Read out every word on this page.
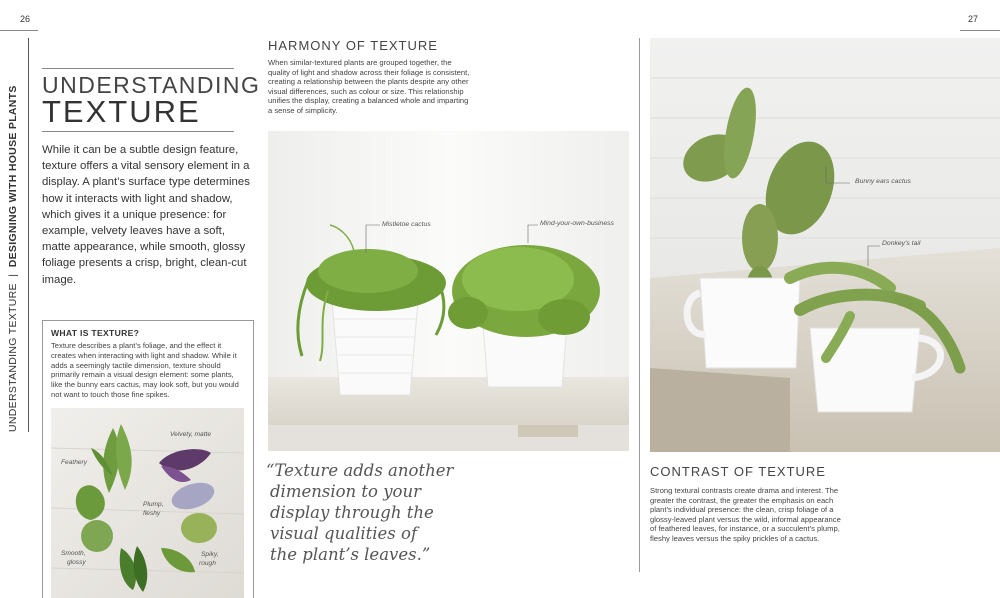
26	27
UNDERSTANDING TEXTURE  |  DESIGNING WITH HOUSE PLANTS
UNDERSTANDING
TEXTURE
While it can be a subtle design feature, texture offers a vital sensory element in a display. A plant’s surface type determines how it interacts with light and shadow, which gives it a unique presence: for example, velvety leaves have a soft, matte appearance, while smooth, glossy foliage presents a crisp, bright, clean-cut image.
WHAT IS TEXTURE?
Texture describes a plant’s foliage, and the effect it creates when interacting with light and shadow. While it adds a seemingly tactile dimension, texture should primarily remain a visual design element: some plants, like the bunny ears cactus, may look soft, but you would not want to touch those fine spikes.
Velvety, matte
Feathery
Plump,
fleshy
Smooth,
glossy
Spiky,
rough
HARMONY OF TEXTURE
When similar-textured plants are grouped together, the quality of light and shadow across their foliage is consistent, creating a relationship between the plants despite any other visual differences, such as colour or size. This relationship unifies the display, creating a balanced whole and imparting a sense of simplicity.
Mistletoe cactus	Mind-your-own-business
“Texture adds another
dimension to your
display through the
visual qualities of
the plant’s leaves.”
Bunny ears cactus
Donkey’s tail
CONTRAST OF TEXTURE
Strong textural contrasts create drama and interest. The greater the contrast, the greater the emphasis on each plant’s individual presence: the clean, crisp foliage of a glossy-leaved plant versus the wild, informal appearance of feathered leaves, for instance, or a succulent’s plump, fleshy leaves versus the spiky prickles of a cactus.
